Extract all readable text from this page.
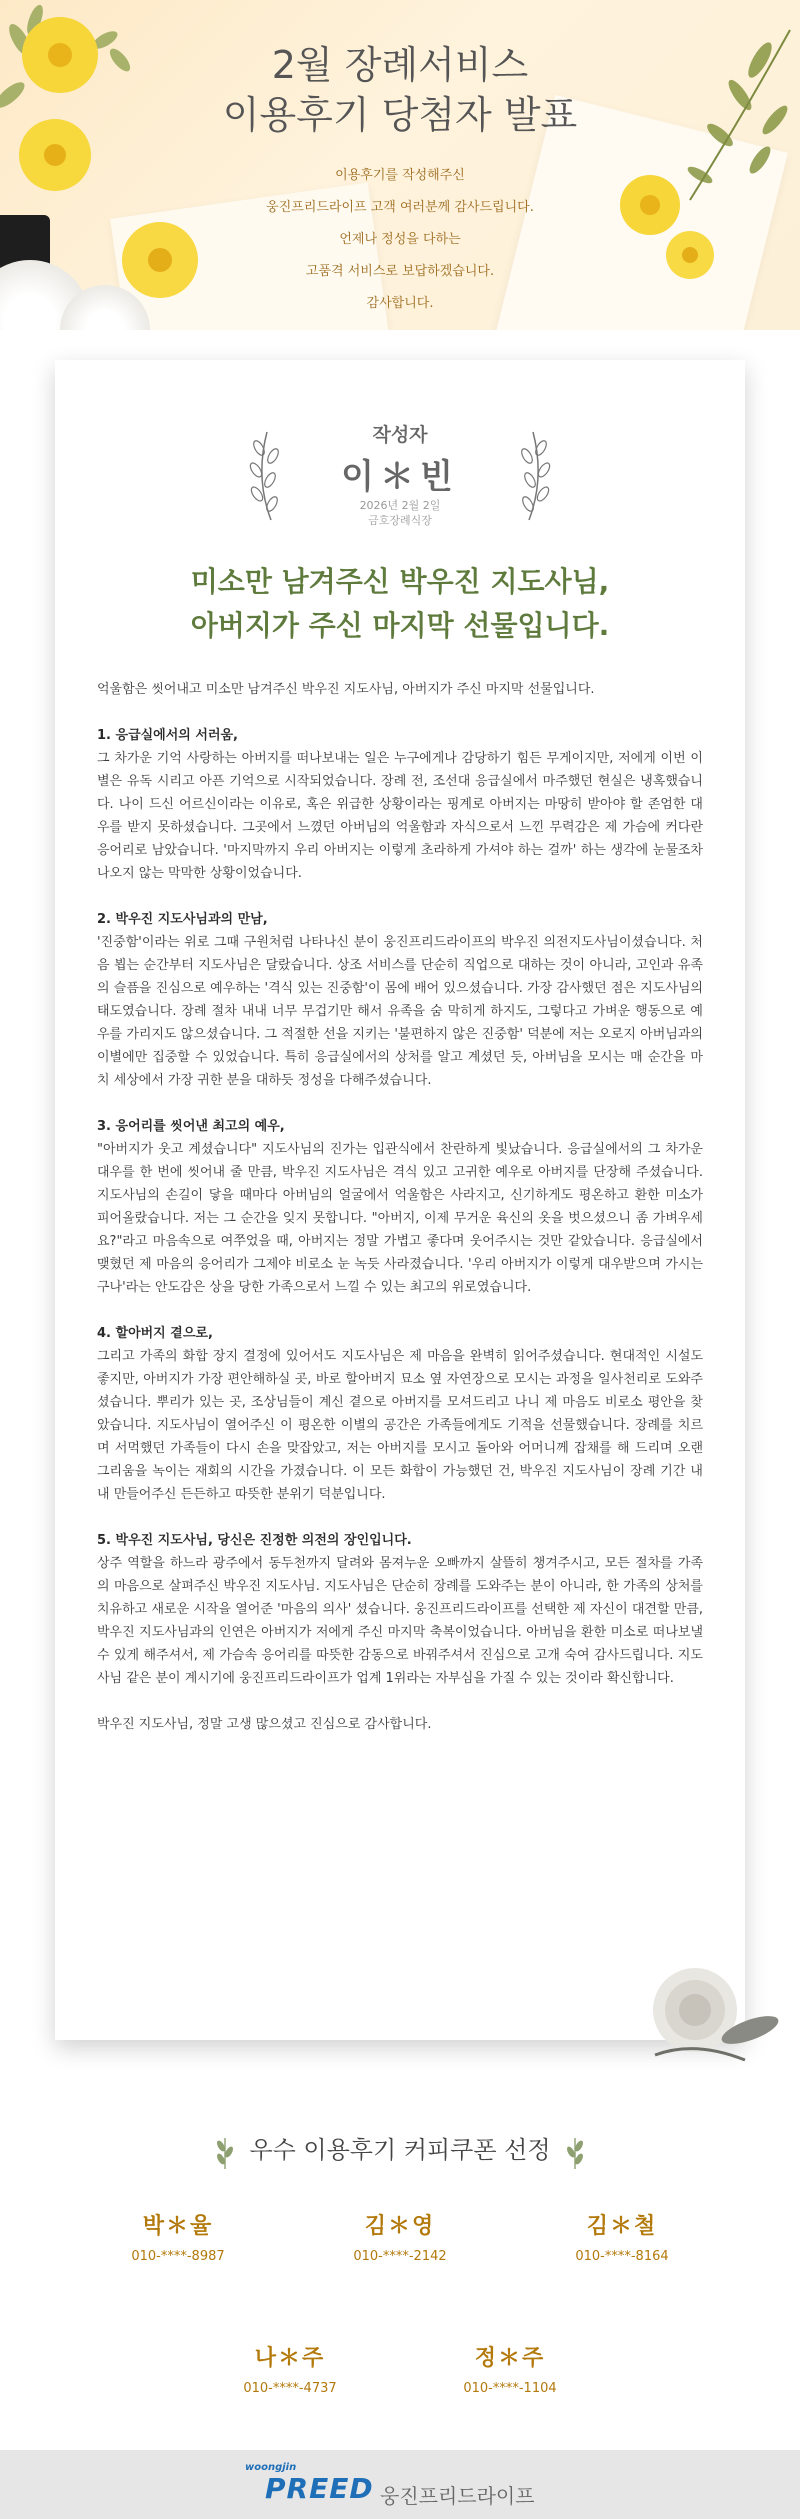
2월 장례서비스
이용후기 당첨자 발표
이용후기를 작성해주신
웅진프리드라이프 고객 여러분께 감사드립니다.
언제나 정성을 다하는
고품격 서비스로 보답하겠습니다.
감사합니다.
작성자
이＊빈
2026년 2월 2일
금호장례식장
미소만 남겨주신 박우진 지도사님,
아버지가 주신 마지막 선물입니다.

억울함은 씻어내고 미소만 남겨주신 박우진 지도사님, 아버지가 주신 마지막 선물입니다.

1. 응급실에서의 서러움,
그 차가운 기억 사랑하는 아버지를 떠나보내는 일은 누구에게나 감당하기 힘든 무게이지만, 저에게 이번 이별은 유독 시리고 아픈 기억으로 시작되었습니다. 장례 전, 조선대 응급실에서 마주했던 현실은 냉혹했습니다. 나이 드신 어르신이라는 이유로, 혹은 위급한 상황이라는 핑계로 아버지는 마땅히 받아야 할 존엄한 대우를 받지 못하셨습니다. 그곳에서 느꼈던 아버님의 억울함과 자식으로서 느낀 무력감은 제 가슴에 커다란 응어리로 남았습니다. '마지막까지 우리 아버지는 이렇게 초라하게 가셔야 하는 걸까' 하는 생각에 눈물조차 나오지 않는 막막한 상황이었습니다.
2. 박우진 지도사님과의 만남,
'진중함'이라는 위로 그때 구원처럼 나타나신 분이 웅진프리드라이프의 박우진 의전지도사님이셨습니다. 처음 뵙는 순간부터 지도사님은 달랐습니다. 상조 서비스를 단순히 직업으로 대하는 것이 아니라, 고인과 유족의 슬픔을 진심으로 예우하는 '격식 있는 진중함'이 몸에 배어 있으셨습니다. 가장 감사했던 점은 지도사님의 태도였습니다. 장례 절차 내내 너무 무겁기만 해서 유족을 숨 막히게 하지도, 그렇다고 가벼운 행동으로 예우를 가리지도 않으셨습니다. 그 적절한 선을 지키는 '불편하지 않은 진중함' 덕분에 저는 오로지 아버님과의 이별에만 집중할 수 있었습니다. 특히 응급실에서의 상처를 알고 계셨던 듯, 아버님을 모시는 매 순간을 마치 세상에서 가장 귀한 분을 대하듯 정성을 다해주셨습니다.
3. 응어리를 씻어낸 최고의 예우,
"아버지가 웃고 계셨습니다" 지도사님의 진가는 입관식에서 찬란하게 빛났습니다. 응급실에서의 그 차가운 대우를 한 번에 씻어내 줄 만큼, 박우진 지도사님은 격식 있고 고귀한 예우로 아버지를 단장해 주셨습니다. 지도사님의 손길이 닿을 때마다 아버님의 얼굴에서 억울함은 사라지고, 신기하게도 평온하고 환한 미소가 피어올랐습니다. 저는 그 순간을 잊지 못합니다. "아버지, 이제 무거운 육신의 옷을 벗으셨으니 좀 가벼우세요?"라고 마음속으로 여쭈었을 때, 아버지는 정말 가볍고 좋다며 웃어주시는 것만 같았습니다. 응급실에서 맺혔던 제 마음의 응어리가 그제야 비로소 눈 녹듯 사라졌습니다. '우리 아버지가 이렇게 대우받으며 가시는구나'라는 안도감은 상을 당한 가족으로서 느낄 수 있는 최고의 위로였습니다.
4. 할아버지 곁으로,
그리고 가족의 화합 장지 결정에 있어서도 지도사님은 제 마음을 완벽히 읽어주셨습니다. 현대적인 시설도 좋지만, 아버지가 가장 편안해하실 곳, 바로 할아버지 묘소 옆 자연장으로 모시는 과정을 일사천리로 도와주셨습니다. 뿌리가 있는 곳, 조상님들이 계신 곁으로 아버지를 모셔드리고 나니 제 마음도 비로소 평안을 찾았습니다. 지도사님이 열어주신 이 평온한 이별의 공간은 가족들에게도 기적을 선물했습니다. 장례를 치르며 서먹했던 가족들이 다시 손을 맞잡았고, 저는 아버지를 모시고 돌아와 어머니께 잡채를 해 드리며 오랜 그리움을 녹이는 재회의 시간을 가졌습니다. 이 모든 화합이 가능했던 건, 박우진 지도사님이 장례 기간 내내 만들어주신 든든하고 따뜻한 분위기 덕분입니다.
5. 박우진 지도사님, 당신은 진정한 의전의 장인입니다.
상주 역할을 하느라 광주에서 동두천까지 달려와 몸져누운 오빠까지 살뜰히 챙겨주시고, 모든 절차를 가족의 마음으로 살펴주신 박우진 지도사님. 지도사님은 단순히 장례를 도와주는 분이 아니라, 한 가족의 상처를 치유하고 새로운 시작을 열어준 '마음의 의사' 셨습니다. 웅진프리드라이프를 선택한 제 자신이 대견할 만큼, 박우진 지도사님과의 인연은 아버지가 저에게 주신 마지막 축복이었습니다. 아버님을 환한 미소로 떠나보낼 수 있게 해주셔서, 제 가슴속 응어리를 따뜻한 감동으로 바꿔주셔서 진심으로 고개 숙여 감사드립니다. 지도사님 같은 분이 계시기에 웅진프리드라이프가 업계 1위라는 자부심을 가질 수 있는 것이라 확신합니다.

박우진 지도사님, 정말 고생 많으셨고 진심으로 감사합니다.

우수 이용후기 커피쿠폰 선정
박＊율
010-****-8987
김＊영
010-****-2142
김＊철
010-****-8164
나＊주
010-****-4737
정＊주
010-****-1104
woongjin
PREED 웅진프리드라이프
